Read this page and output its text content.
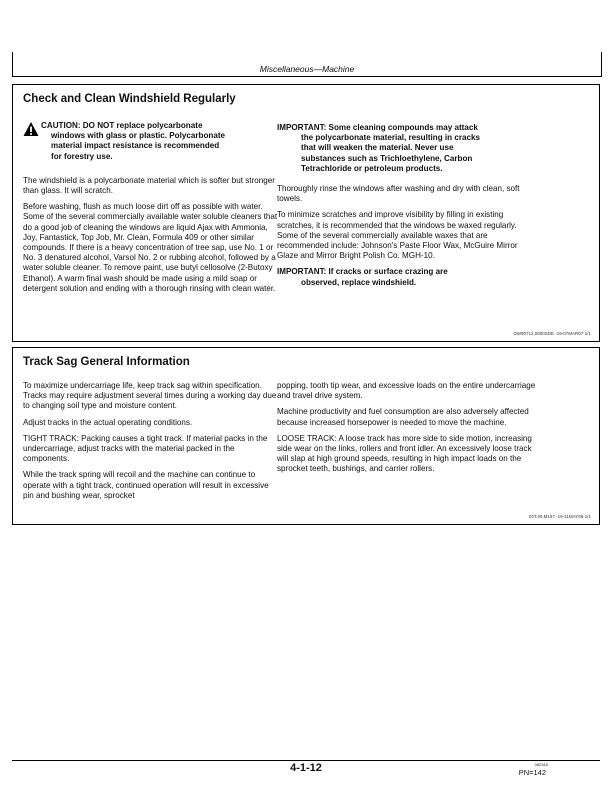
Miscellaneous—Machine
Check and Clean Windshield Regularly
CAUTION: DO NOT replace polycarbonate
windows with glass or plastic. Polycarbonate
material impact resistance is recommended
for forestry use.

The windshield is a polycarbonate material which is softer but stronger than glass. It will scratch.

Before washing, flush as much loose dirt off as possible with water. Some of the several commercially available water soluble cleaners that do a good job of cleaning the windows are liquid Ajax with Ammonia, Joy, Fantastick, Top Job, Mr. Clean, Formula 409 or other similar compounds. If there is a heavy concentration of tree sap, use No. 1 or No. 3 denatured alcohol, Varsol No. 2 or rubbing alcohol, followed by a water soluble cleaner. To remove paint, use butyl cellosolve (2-Butoxy Ethanol). A warm final wash should be made using a mild soap or detergent solution and ending with a thorough rinsing with clean water.

IMPORTANT: Some cleaning compounds may attack
the polycarbonate material, resulting in cracks
that will weaken the material. Never use
substances such as Trichloethylene, Carbon
Tetrachloride or petroleum products.

Thoroughly rinse the windows after washing and dry with clean, soft towels.

To minimize scratches and improve visibility by filling in existing scratches, it is recommended that the windows be waxed regularly. Some of the several commercially available waxes that are recommended include: Johnson's Paste Floor Wax, McGuire Mirror Glaze and Mirror Bright Polish Co. MGH-10.

IMPORTANT: If cracks or surface crazing are
observed, replace windshield.

DW90712,0000SDE -19-07MAR07-1/1
Track Sag General Information

To maximize undercarriage life, keep track sag within specification. Tracks may require adjustment several times during a working day due to changing soil type and moisture content.

Adjust tracks in the actual operating conditions.

TIGHT TRACK: Packing causes a tight track. If material packs in the undercarriage, adjust tracks with the material packed in the components.

While the track spring will recoil and the machine can continue to operate with a tight track, continued operation will result in excessive pin and bushing wear, sprocket

popping, tooth tip wear, and excessive loads on the entire undercarriage and travel drive system.

Machine productivity and fuel consumption are also adversely affected because increased horsepower is needed to move the machine.

LOOSE TRACK: A loose track has more side to side motion, increasing side wear on the links, rollers and front idler. An excessively loose track will slap at high ground speeds, resulting in high impact loads on the sprocket teeth, bushings, and carrier rollers.

04T,90,M197 -19-11MAY06-1/1
4-1-12	062319
PN=142
